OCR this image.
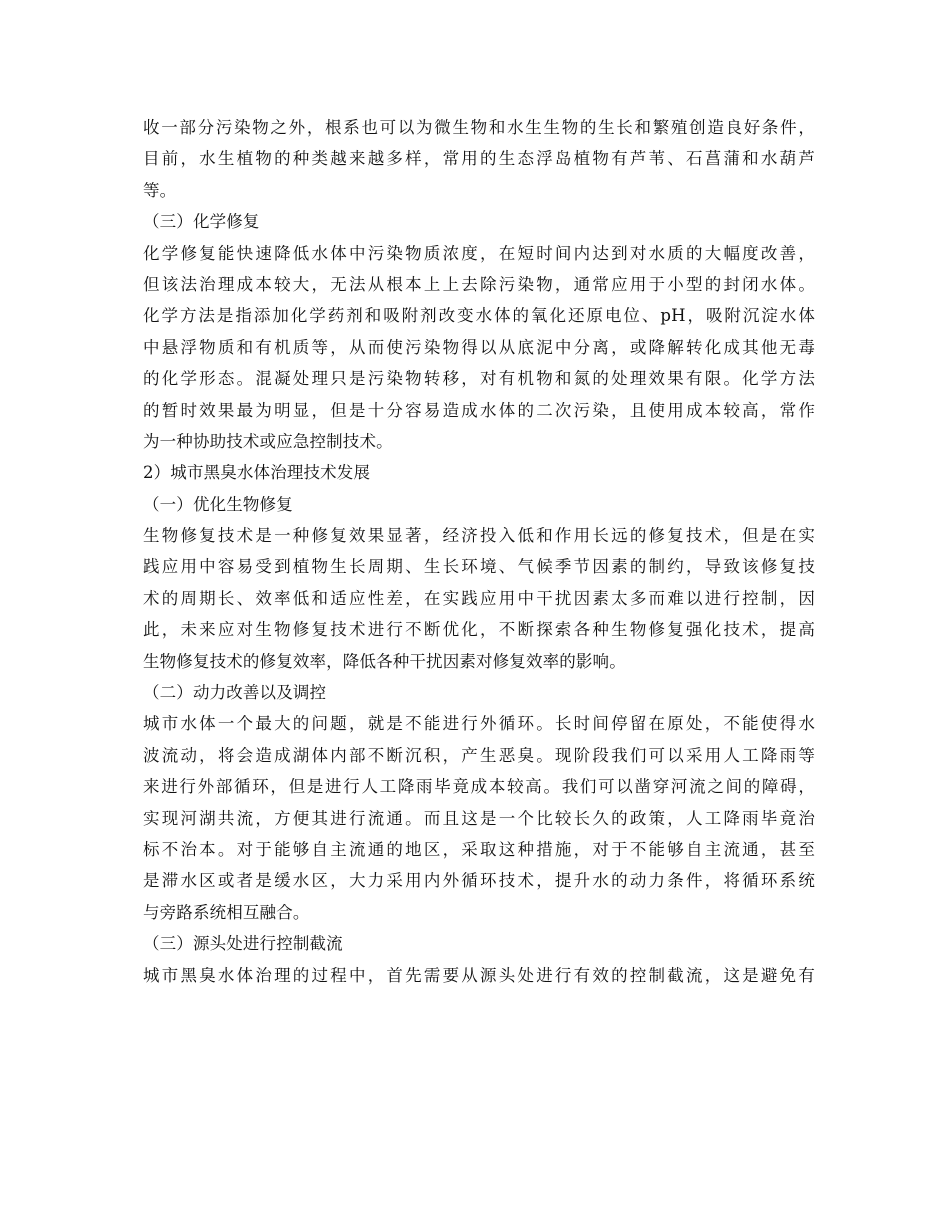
收一部分污染物之外，根系也可以为微生物和水生生物的生长和繁殖创造良好条件，
目前，水生植物的种类越来越多样，常用的生态浮岛植物有芦苇、石菖蒲和水葫芦
等。
（三）化学修复
化学修复能快速降低水体中污染物质浓度，在短时间内达到对水质的大幅度改善，
但该法治理成本较大，无法从根本上上去除污染物，通常应用于小型的封闭水体。
化学方法是指添加化学药剂和吸附剂改变水体的氧化还原电位、pH，吸附沉淀水体
中悬浮物质和有机质等，从而使污染物得以从底泥中分离，或降解转化成其他无毒
的化学形态。混凝处理只是污染物转移，对有机物和氮的处理效果有限。化学方法
的暂时效果最为明显，但是十分容易造成水体的二次污染，且使用成本较高，常作
为一种协助技术或应急控制技术。
2）城市黑臭水体治理技术发展
（一）优化生物修复
生物修复技术是一种修复效果显著，经济投入低和作用长远的修复技术，但是在实
践应用中容易受到植物生长周期、生长环境、气候季节因素的制约，导致该修复技
术的周期长、效率低和适应性差，在实践应用中干扰因素太多而难以进行控制，因
此，未来应对生物修复技术进行不断优化，不断探索各种生物修复强化技术，提高
生物修复技术的修复效率，降低各种干扰因素对修复效率的影响。
（二）动力改善以及调控
城市水体一个最大的问题，就是不能进行外循环。长时间停留在原处，不能使得水
波流动，将会造成湖体内部不断沉积，产生恶臭。现阶段我们可以采用人工降雨等
来进行外部循环，但是进行人工降雨毕竟成本较高。我们可以凿穿河流之间的障碍，
实现河湖共流，方便其进行流通。而且这是一个比较长久的政策，人工降雨毕竟治
标不治本。对于能够自主流通的地区，采取这种措施，对于不能够自主流通，甚至
是滞水区或者是缓水区，大力采用内外循环技术，提升水的动力条件，将循环系统
与旁路系统相互融合。
（三）源头处进行控制截流
城市黑臭水体治理的过程中，首先需要从源头处进行有效的控制截流，这是避免有
